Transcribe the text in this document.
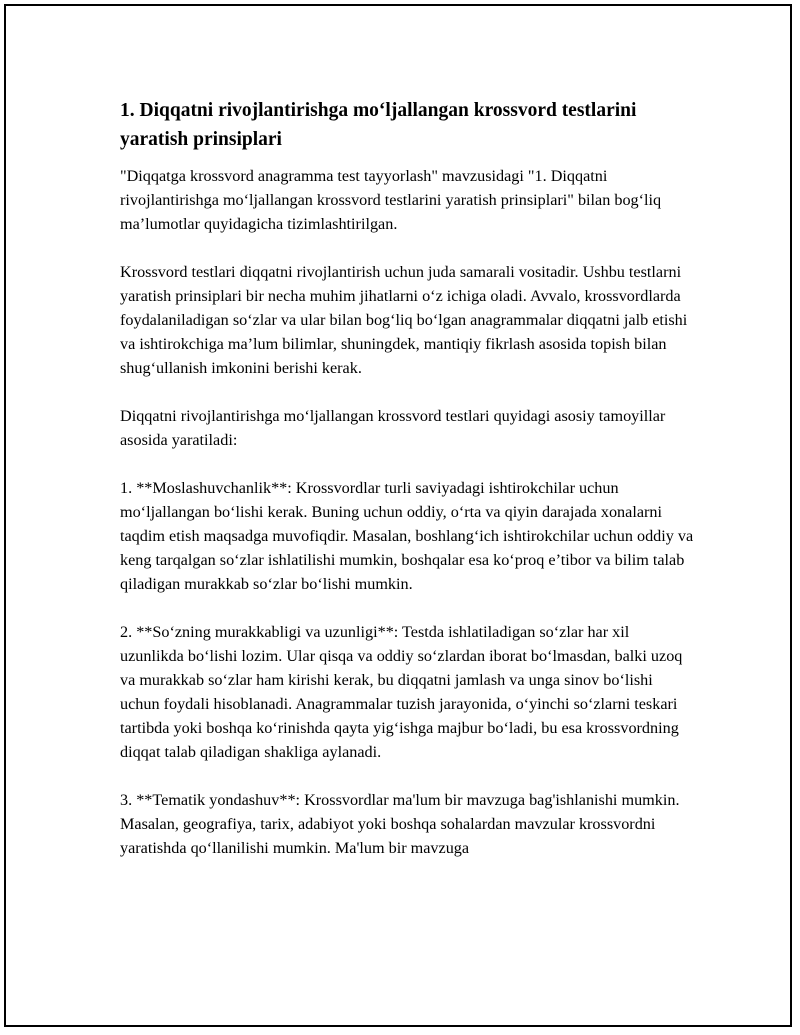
1. Diqqatni rivojlantirishga mo‘ljallangan krossvord testlarini yaratish prinsiplari

"Diqqatga krossvord anagramma test tayyorlash" mavzusidagi "1. Diqqatni rivojlantirishga mo‘ljallangan krossvord testlarini yaratish prinsiplari" bilan bog‘liq ma’lumotlar quyidagicha tizimlashtirilgan.

Krossvord testlari diqqatni rivojlantirish uchun juda samarali vositadir. Ushbu testlarni yaratish prinsiplari bir necha muhim jihatlarni o‘z ichiga oladi. Avvalo, krossvordlarda foydalaniladigan so‘zlar va ular bilan bog‘liq bo‘lgan anagrammalar diqqatni jalb etishi va ishtirokchiga ma’lum bilimlar, shuningdek, mantiqiy fikrlash asosida topish bilan shug‘ullanish imkonini berishi kerak.

Diqqatni rivojlantirishga mo‘ljallangan krossvord testlari quyidagi asosiy tamoyillar asosida yaratiladi:

1. **Moslashuvchanlik**: Krossvordlar turli saviyadagi ishtirokchilar uchun mo‘ljallangan bo‘lishi kerak. Buning uchun oddiy, o‘rta va qiyin darajada xonalarni taqdim etish maqsadga muvofiqdir. Masalan, boshlang‘ich ishtirokchilar uchun oddiy va keng tarqalgan so‘zlar ishlatilishi mumkin, boshqalar esa ko‘proq e’tibor va bilim talab qiladigan murakkab so‘zlar bo‘lishi mumkin.

2. **So‘zning murakkabligi va uzunligi**: Testda ishlatiladigan so‘zlar har xil uzunlikda bo‘lishi lozim. Ular qisqa va oddiy so‘zlardan iborat bo‘lmasdan, balki uzoq va murakkab so‘zlar ham kirishi kerak, bu diqqatni jamlash va unga sinov bo‘lishi uchun foydali hisoblanadi. Anagrammalar tuzish jarayonida, o‘yinchi so‘zlarni teskari tartibda yoki boshqa ko‘rinishda qayta yig‘ishga majbur bo‘ladi, bu esa krossvordning diqqat talab qiladigan shakliga aylanadi.

3. **Tematik yondashuv**: Krossvordlar ma'lum bir mavzuga bag'ishlanishi mumkin. Masalan, geografiya, tarix, adabiyot yoki boshqa sohalardan mavzular krossvordni yaratishda qo‘llanilishi mumkin. Ma'lum bir mavzuga
